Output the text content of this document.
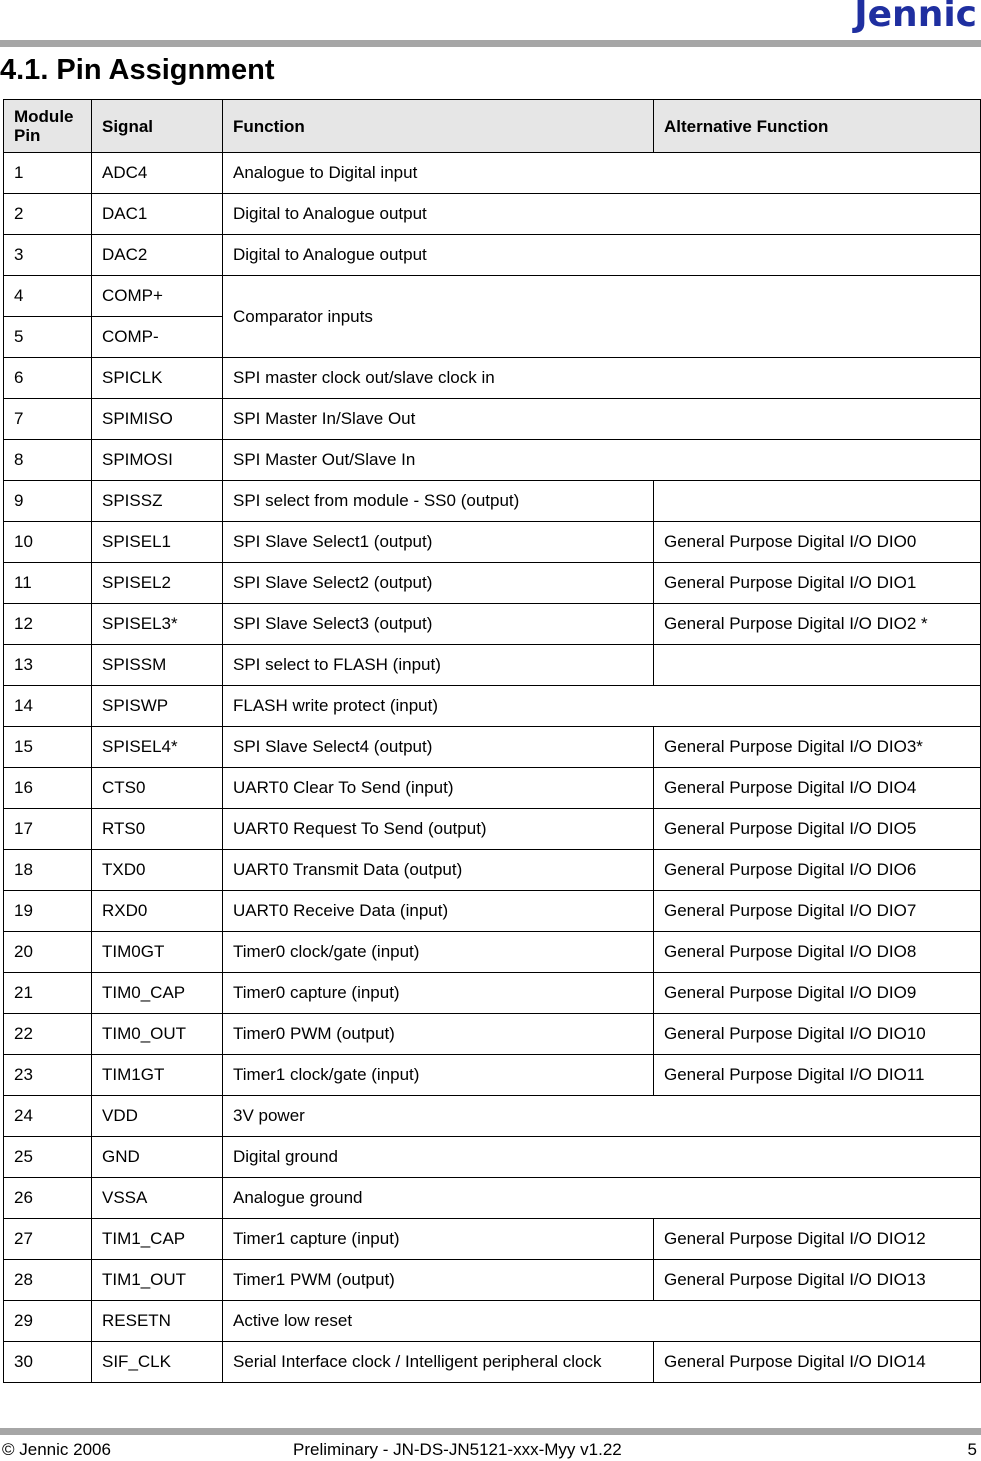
Jennic
4.1. Pin Assignment
Module Pin	Signal	Function	Alternative Function
1	ADC4	Analogue to Digital input	
2	DAC1	Digital to Analogue output	
3	DAC2	Digital to Analogue output	
4	COMP+	Comparator inputs	
5	COMP-		
6	SPICLK	SPI master clock out/slave clock in	
7	SPIMISO	SPI Master In/Slave Out	
8	SPIMOSI	SPI Master Out/Slave In	
9	SPISSZ	SPI select from module - SS0 (output)	
10	SPISEL1	SPI Slave Select1 (output)	General Purpose Digital I/O DIO0
11	SPISEL2	SPI Slave Select2 (output)	General Purpose Digital I/O DIO1
12	SPISEL3*	SPI Slave Select3 (output)	General Purpose Digital I/O DIO2 *
13	SPISSM	SPI select to FLASH (input)	
14	SPISWP	FLASH write protect (input)	
15	SPISEL4*	SPI Slave Select4 (output)	General Purpose Digital I/O DIO3*
16	CTS0	UART0 Clear To Send (input)	General Purpose Digital I/O DIO4
17	RTS0	UART0 Request To Send (output)	General Purpose Digital I/O DIO5
18	TXD0	UART0 Transmit Data (output)	General Purpose Digital I/O DIO6
19	RXD0	UART0 Receive Data (input)	General Purpose Digital I/O DIO7
20	TIM0GT	Timer0 clock/gate (input)	General Purpose Digital I/O DIO8
21	TIM0_CAP	Timer0 capture (input)	General Purpose Digital I/O DIO9
22	TIM0_OUT	Timer0 PWM (output)	General Purpose Digital I/O DIO10
23	TIM1GT	Timer1 clock/gate (input)	General Purpose Digital I/O DIO11
24	VDD	3V power	
25	GND	Digital ground	
26	VSSA	Analogue ground	
27	TIM1_CAP	Timer1 capture (input)	General Purpose Digital I/O DIO12
28	TIM1_OUT	Timer1 PWM (output)	General Purpose Digital I/O DIO13
29	RESETN	Active low reset	
30	SIF_CLK	Serial Interface clock / Intelligent peripheral clock	General Purpose Digital I/O DIO14
© Jennic 2006	Preliminary - JN-DS-JN5121-xxx-Myy v1.22	5
